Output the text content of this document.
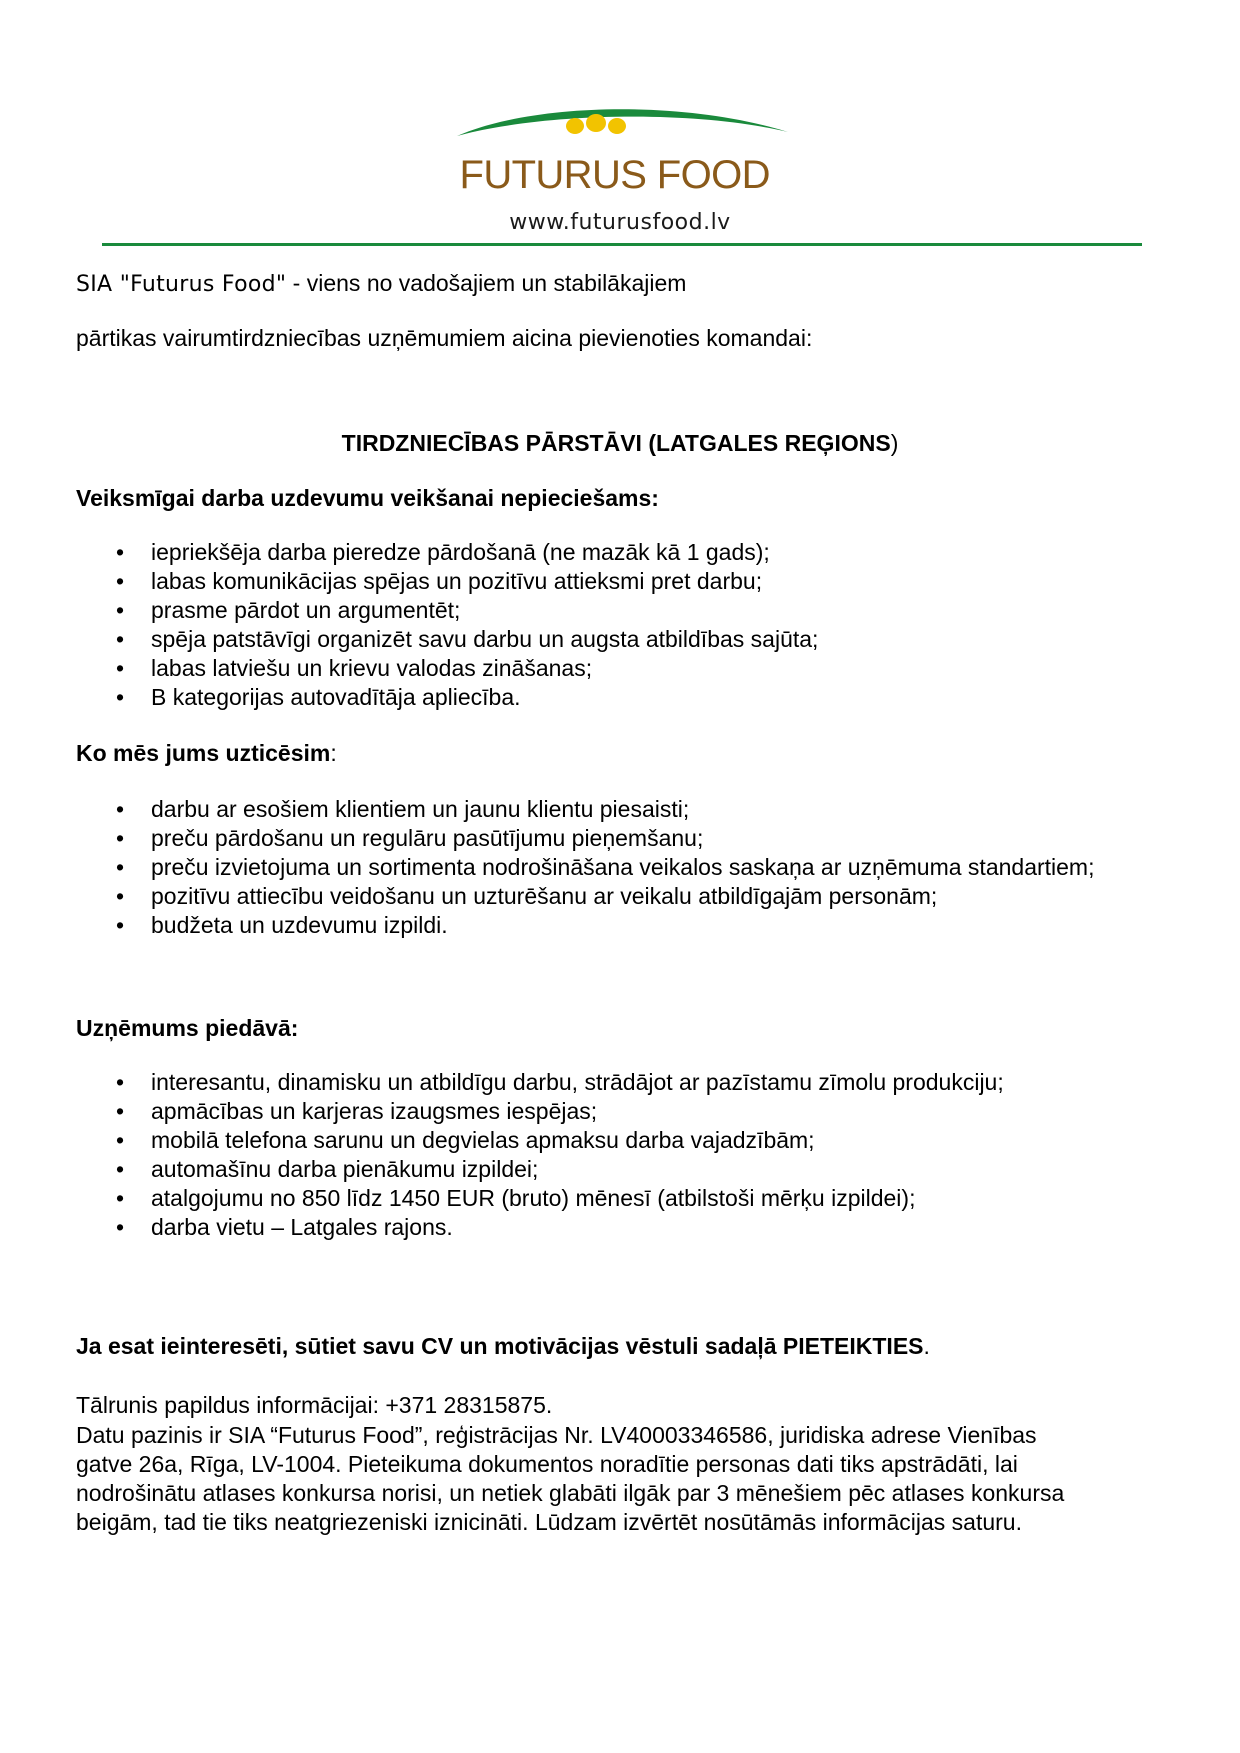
FUTURUS FOOD
www.futurusfood.lv
SIA "Futurus Food" - viens no vadošajiem un stabilākajiem
pārtikas vairumtirdzniecības uzņēmumiem aicina pievienoties komandai:
TIRDZNIECĪBAS PĀRSTĀVI (LATGALES REĢIONS)
Veiksmīgai darba uzdevumu veikšanai nepieciešams:
• iepriekšēja darba pieredze pārdošanā (ne mazāk kā 1 gads);
• labas komunikācijas spējas un pozitīvu attieksmi pret darbu;
• prasme pārdot un argumentēt;
• spēja patstāvīgi organizēt savu darbu un augsta atbildības sajūta;
• labas latviešu un krievu valodas zināšanas;
• B kategorijas autovadītāja apliecība.
Ko mēs jums uzticēsim:
• darbu ar esošiem klientiem un jaunu klientu piesaisti;
• preču pārdošanu un regulāru pasūtījumu pieņemšanu;
• preču izvietojuma un sortimenta nodrošināšana veikalos saskaņa ar uzņēmuma standartiem;
• pozitīvu attiecību veidošanu un uzturēšanu ar veikalu atbildīgajām personām;
• budžeta un uzdevumu izpildi.
Uzņēmums piedāvā:
• interesantu, dinamisku un atbildīgu darbu, strādājot ar pazīstamu zīmolu produkciju;
• apmācības un karjeras izaugsmes iespējas;
• mobilā telefona sarunu un degvielas apmaksu darba vajadzībām;
• automašīnu darba pienākumu izpildei;
• atalgojumu no 850 līdz 1450 EUR (bruto) mēnesī (atbilstoši mērķu izpildei);
• darba vietu – Latgales rajons.
Ja esat ieinteresēti, sūtiet savu CV un motivācijas vēstuli sadaļā PIETEIKTIES.
Tālrunis papildus informācijai: +371 28315875.

Datu pazinis ir SIA “Futurus Food”, reģistrācijas Nr. LV40003346586, juridiska adrese Vienības gatve 26a, Rīga, LV-1004. Pieteikuma dokumentos noradītie personas dati tiks apstrādāti, lai nodrošinātu atlases konkursa norisi, un netiek glabāti ilgāk par 3 mēnešiem pēc atlases konkursa beigām, tad tie tiks neatgriezeniski iznicināti. Lūdzam izvērtēt nosūtāmās informācijas saturu.
